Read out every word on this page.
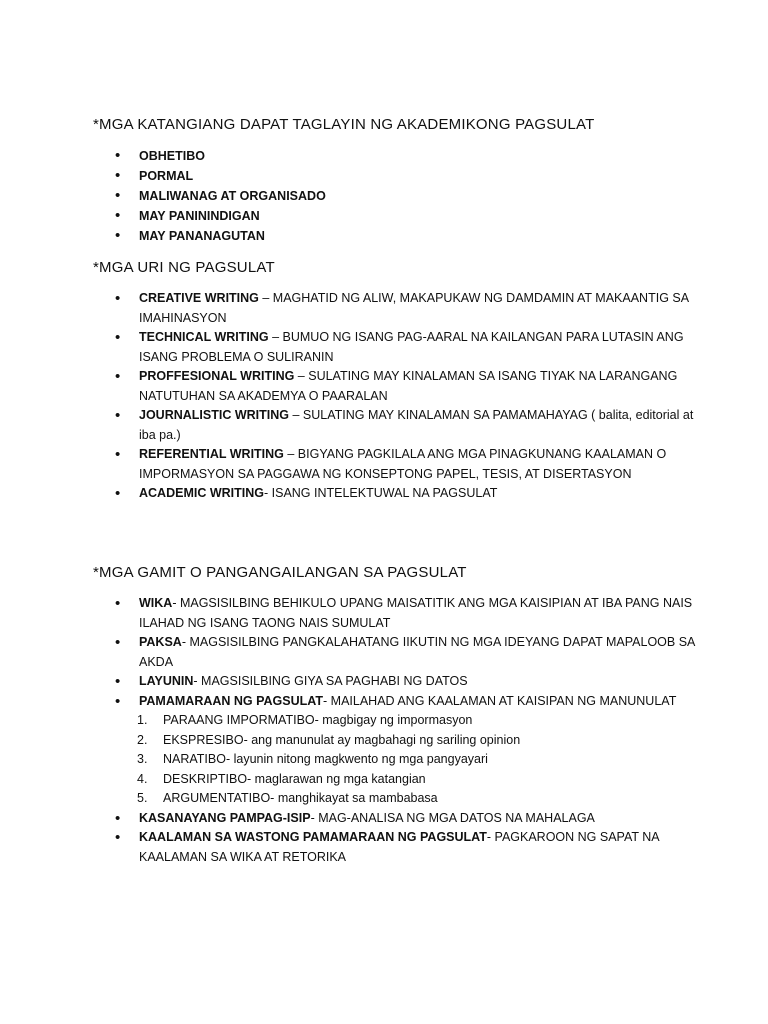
*MGA KATANGIANG DAPAT TAGLAYIN NG AKADEMIKONG PAGSULAT
• OBHETIBO
• PORMAL
• MALIWANAG AT ORGANISADO
• MAY PANININDIGAN
• MAY PANANAGUTAN
*MGA URI NG PAGSULAT
• CREATIVE WRITING – MAGHATID NG ALIW, MAKAPUKAW NG DAMDAMIN AT MAKAANTIG SA IMAHINASYON
• TECHNICAL WRITING – BUMUO NG ISANG PAG-AARAL NA KAILANGAN PARA LUTASIN ANG ISANG PROBLEMA O SULIRANIN
• PROFFESIONAL WRITING – SULATING MAY KINALAMAN SA ISANG TIYAK NA LARANGANG NATUTUHAN SA AKADEMYA O PAARALAN
• JOURNALISTIC WRITING – SULATING MAY KINALAMAN SA PAMAMAHAYAG ( balita, editorial at iba pa.)
• REFERENTIAL WRITING – BIGYANG PAGKILALA ANG MGA PINAGKUNANG KAALAMAN O IMPORMASYON SA PAGGAWA NG KONSEPTONG PAPEL, TESIS, AT DISERTASYON
• ACADEMIC WRITING- ISANG INTELEKTUWAL NA PAGSULAT
*MGA GAMIT O PANGANGAILANGAN SA PAGSULAT
• WIKA- MAGSISILBING BEHIKULO UPANG MAISATITIK ANG MGA KAISIPIAN AT IBA PANG NAIS ILAHAD NG ISANG TAONG NAIS SUMULAT
• PAKSA- MAGSISILBING PANGKALAHATANG IIKUTIN NG MGA IDEYANG DAPAT MAPALOOB SA AKDA
• LAYUNIN- MAGSISILBING GIYA SA PAGHABI NG DATOS
• PAMAMARAAN NG PAGSULAT- MAILAHAD ANG KAALAMAN AT KAISIPAN NG MANUNULAT
1.	PARAANG IMPORMATIBO- magbigay ng impormasyon
2.	EKSPRESIBO- ang manunulat ay magbahagi ng sariling opinion
3.	NARATIBO- layunin nitong magkwento ng mga pangyayari
4.	DESKRIPTIBO- maglarawan ng mga katangian
5.	ARGUMENTATIBO- manghikayat sa mambabasa
• KASANAYANG PAMPAG-ISIP- MAG-ANALISA NG MGA DATOS NA MAHALAGA
• KAALAMAN SA WASTONG PAMAMARAAN NG PAGSULAT- PAGKAROON NG SAPAT NA KAALAMAN SA WIKA AT RETORIKA
